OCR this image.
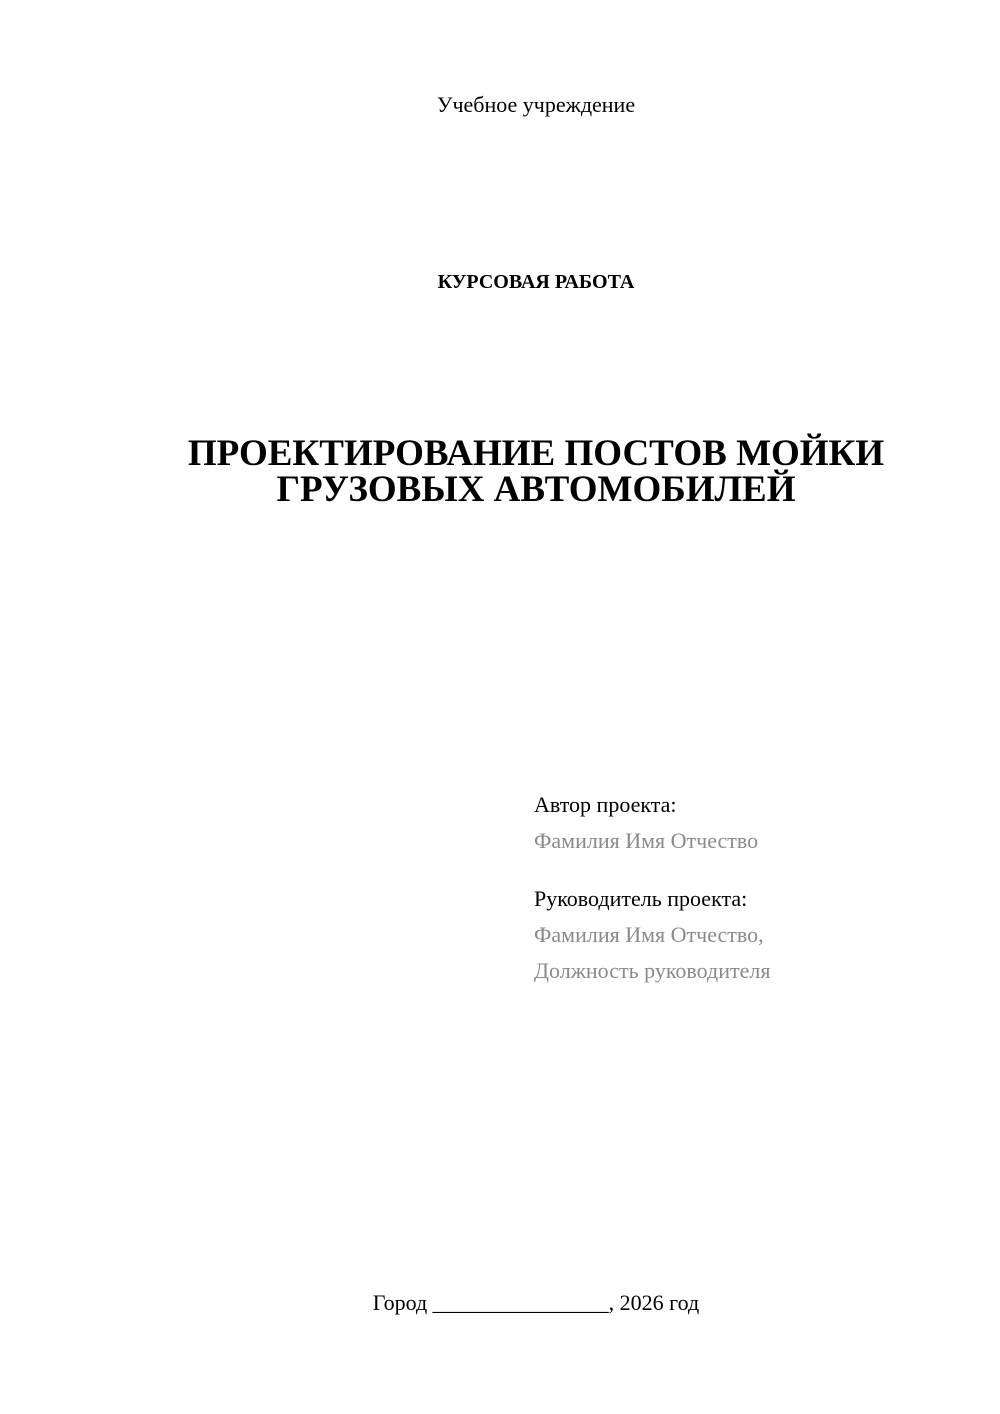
Учебное учреждение
КУРСОВАЯ РАБОТА
ПРОЕКТИРОВАНИЕ ПОСТОВ МОЙКИ
ГРУЗОВЫХ АВТОМОБИЛЕЙ
Автор проекта:
Фамилия Имя Отчество
Руководитель проекта:
Фамилия Имя Отчество,
Должность руководителя
Город ________________, 2026 год
